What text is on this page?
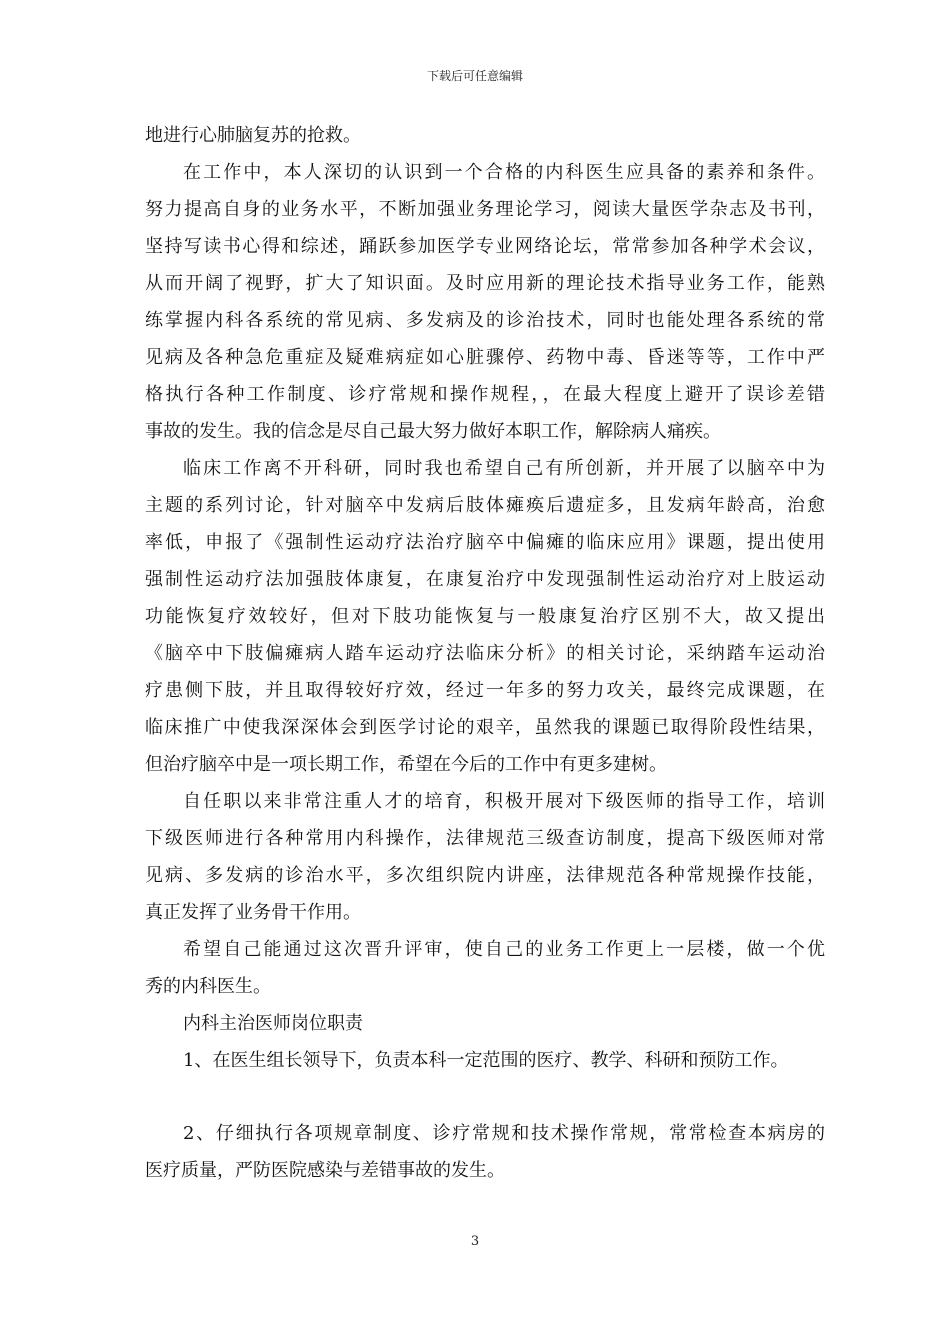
下载后可任意编辑
地进行心肺脑复苏的抢救。
在工作中，本人深切的认识到一个合格的内科医生应具备的素养和条件。
努力提高自身的业务水平，不断加强业务理论学习，阅读大量医学杂志及书刊，
坚持写读书心得和综述，踊跃参加医学专业网络论坛，常常参加各种学术会议，
从而开阔了视野，扩大了知识面。及时应用新的理论技术指导业务工作，能熟
练掌握内科各系统的常见病、多发病及的诊治技术，同时也能处理各系统的常
见病及各种急危重症及疑难病症如心脏骤停、药物中毒、昏迷等等，工作中严
格执行各种工作制度、诊疗常规和操作规程，，在最大程度上避开了误诊差错
事故的发生。我的信念是尽自己最大努力做好本职工作，解除病人痛疾。
临床工作离不开科研，同时我也希望自己有所创新，并开展了以脑卒中为
主题的系列讨论，针对脑卒中发病后肢体瘫痪后遗症多，且发病年龄高，治愈
率低，申报了《强制性运动疗法治疗脑卒中偏瘫的临床应用》课题，提出使用
强制性运动疗法加强肢体康复，在康复治疗中发现强制性运动治疗对上肢运动
功能恢复疗效较好，但对下肢功能恢复与一般康复治疗区别不大，故又提出
《脑卒中下肢偏瘫病人踏车运动疗法临床分析》的相关讨论，采纳踏车运动治
疗患侧下肢，并且取得较好疗效，经过一年多的努力攻关，最终完成课题，在
临床推广中使我深深体会到医学讨论的艰辛，虽然我的课题已取得阶段性结果，
但治疗脑卒中是一项长期工作，希望在今后的工作中有更多建树。
自任职以来非常注重人才的培育，积极开展对下级医师的指导工作，培训
下级医师进行各种常用内科操作，法律规范三级查访制度，提高下级医师对常
见病、多发病的诊治水平，多次组织院内讲座，法律规范各种常规操作技能，
真正发挥了业务骨干作用。
希望自己能通过这次晋升评审，使自己的业务工作更上一层楼，做一个优
秀的内科医生。
内科主治医师岗位职责
1、在医生组长领导下，负责本科一定范围的医疗、教学、科研和预防工作。
2、仔细执行各项规章制度、诊疗常规和技术操作常规，常常检查本病房的
医疗质量，严防医院感染与差错事故的发生。
3
